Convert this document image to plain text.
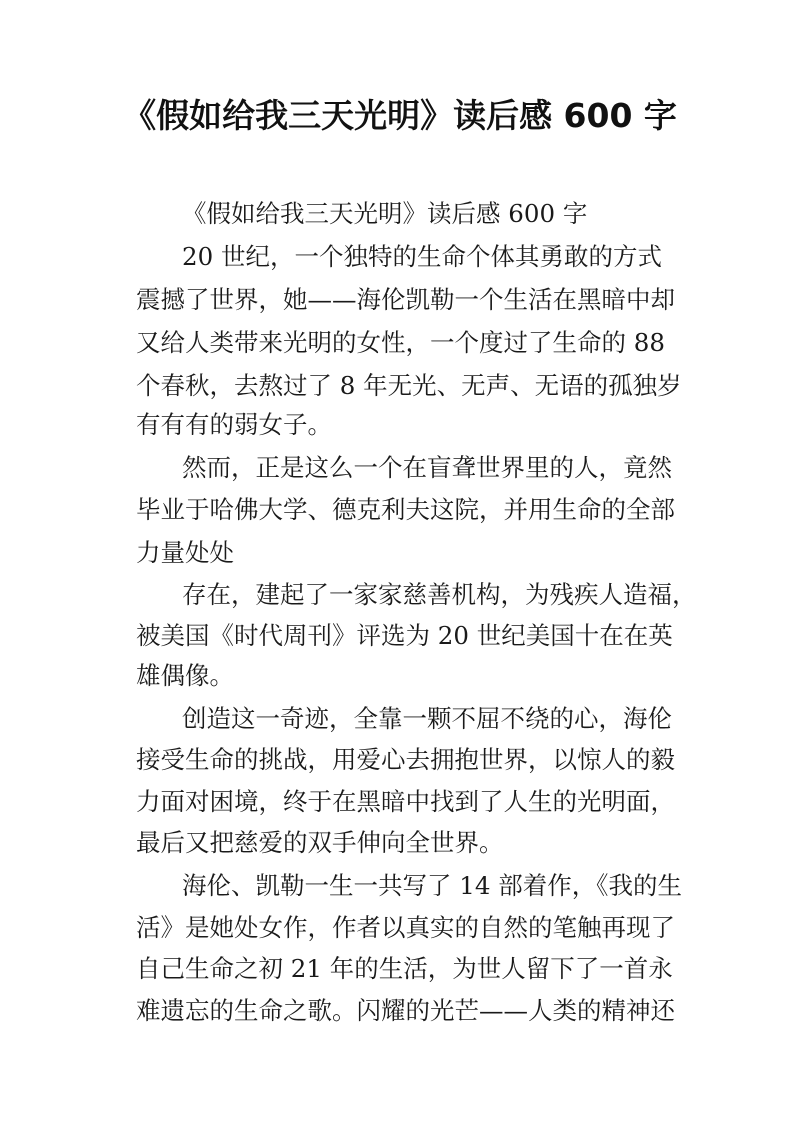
《假如给我三天光明》读后感 600 字
《假如给我三天光明》读后感 600 字
20 世纪，一个独特的生命个体其勇敢的方式
震撼了世界，她——海伦凯勒一个生活在黑暗中却
又给人类带来光明的女性，一个度过了生命的 88
个春秋，去熬过了 8 年无光、无声、无语的孤独岁
有有有的弱女子。
然而，正是这么一个在盲聋世界里的人，竟然
毕业于哈佛大学、德克利夫这院，并用生命的全部
力量处处
存在，建起了一家家慈善机构，为残疾人造福，
被美国《时代周刊》评选为 20 世纪美国十在在英
雄偶像。
创造这一奇迹，全靠一颗不屈不绕的心，海伦
接受生命的挑战，用爱心去拥抱世界，以惊人的毅
力面对困境，终于在黑暗中找到了人生的光明面，
最后又把慈爱的双手伸向全世界。
海伦、凯勒一生一共写了 14 部着作，《我的生
活》是她处女作，作者以真实的自然的笔触再现了
自己生命之初 21 年的生活，为世人留下了一首永
难遗忘的生命之歌。闪耀的光芒——人类的精神还
